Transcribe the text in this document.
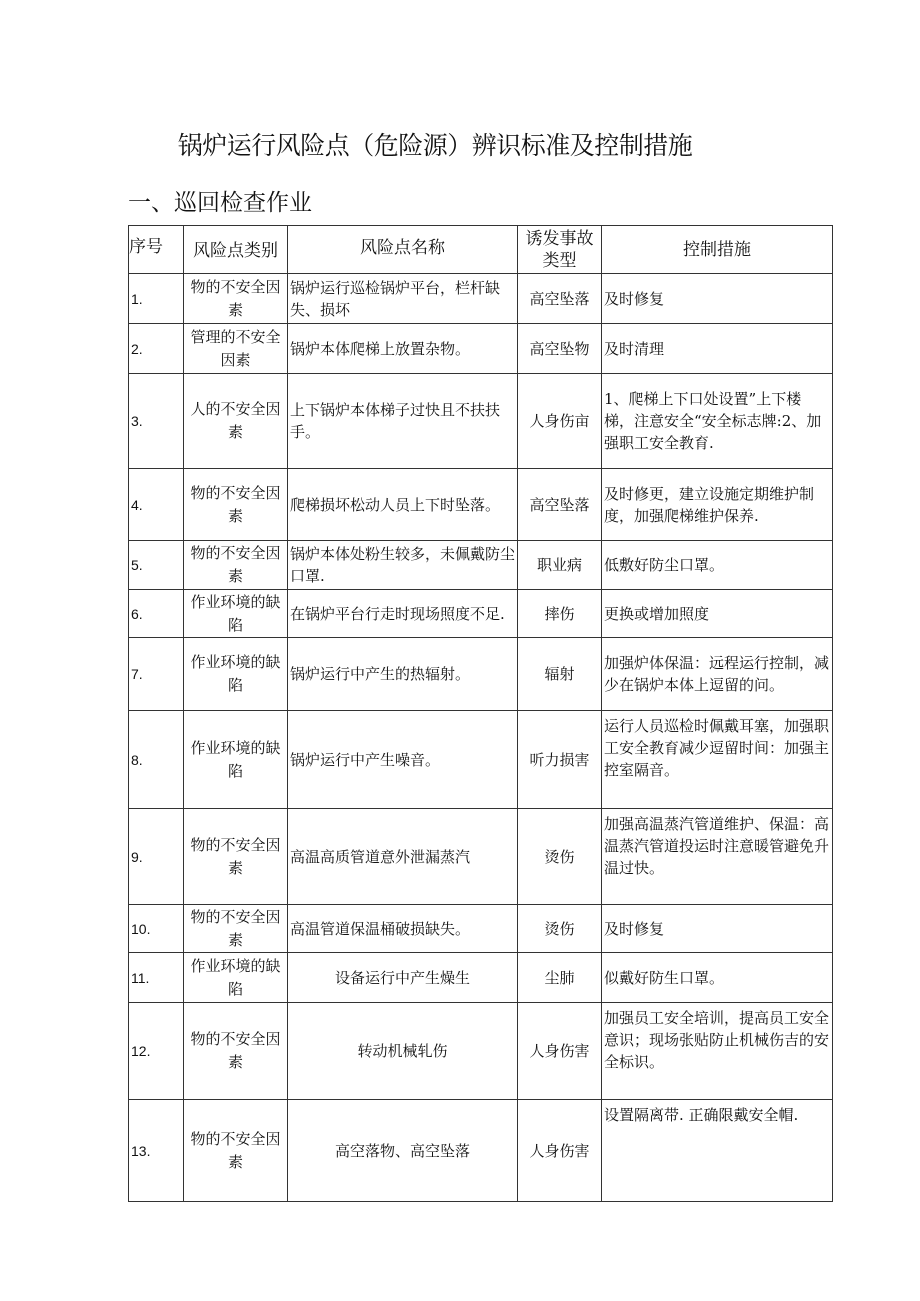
锅炉运行风险点（危险源）辨识标准及控制措施
一、巡回检查作业
序号	风险点类别	风险点名称	诱发事故类型	控制措施
1.	物的不安全因素	锅炉运行巡检锅炉平台，栏杆缺失、损坏	高空坠落	及时修复
2.	管理的不安全因素	锅炉本体爬梯上放置杂物。	高空坠物	及时清理
3.	人的不安全因素	上下锅炉本体梯子过快且不扶扶手。	人身伤亩	1、爬梯上下口处设置”上下楼梯，注意安全“安全标志牌:2、加强职工安全教育.
4.	物的不安全因素	爬梯损坏松动人员上下时坠落。	高空坠落	及时修更，建立设施定期维护制度，加强爬梯维护保养.
5.	物的不安全因素	锅炉本体处粉生较多，未佩戴防尘口罩.	职业病	低敷好防尘口罩。
6.	作业环境的缺陷	在锅炉平台行走时现场照度不足.	摔伤	更换或增加照度
7.	作业环境的缺陷	锅炉运行中产生的热辐射。	辐射	加强炉体保温：远程运行控制，减少在锅炉本体上逗留的问。
8.	作业环境的缺陷	锅炉运行中产生噪音。	听力损害	运行人员巡检时佩戴耳塞，加强职工安全教育减少逗留时间：加强主控室隔音。
9.	物的不安全因素	高温高质管道意外泄漏蒸汽	烫伤	加强高温蒸汽管道维护、保温：高温蒸汽管道投运时注意暖管避免升温过快。
10.	物的不安全因素	高温管道保温桶破损缺失。	烫伤	及时修复
11.	作业环境的缺陷	设备运行中产生燥生	尘肺	似戴好防生口罩。
12.	物的不安全因素	转动机械轧伤	人身伤害	加强员工安全培训，提高员工安全意识；现场张贴防止机械伤吉的安全标识。
13.	物的不安全因素	高空落物、高空坠落	人身伤害	设置隔离带. 正确限戴安全帽.
